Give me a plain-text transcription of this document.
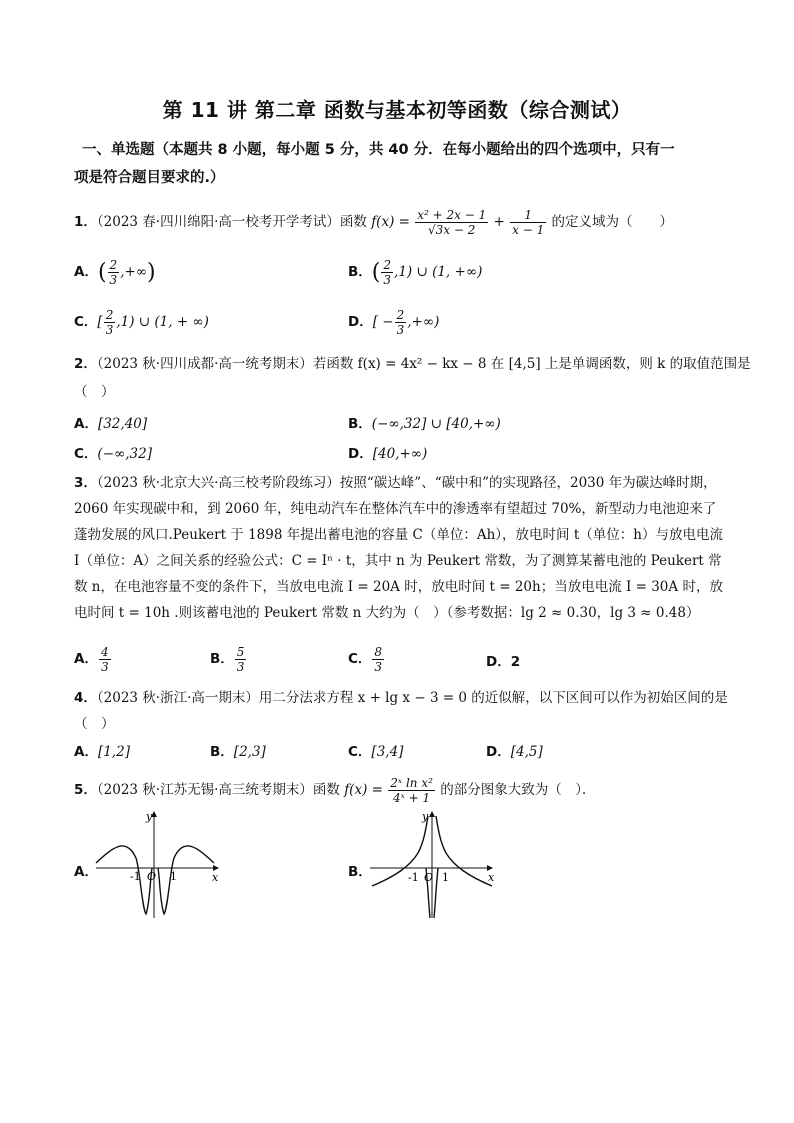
第 11 讲 第二章 函数与基本初等函数（综合测试）
一、单选题（本题共 8 小题，每小题 5 分，共 40 分．在每小题给出的四个选项中，只有一
项是符合题目要求的.）
1．（2023 春·四川绵阳·高一校考开学考试）函数 $f(x) = \frac{\text{x² + 2x − 1}}{√3x - 2} + \frac{1}{x - 1}$ 的定义域为（　　）
A．( $\frac{2}{3}$ ,+∞)	B．( $\frac{2}{3} ,1$) ∪ (1, +∞)
C．[ $\frac{2}{3} ,1$) ∪ (1, + ∞)	D．[ − $\frac{2}{3}$ ,+∞)
2．（2023 秋·四川成都·高一统考期末）若函数 f(x) = 4x² − kx − 8 在 [4,5] 上是单调函数，则 k 的取值范围是
（　）
A．[32,40]	B．(−∞,32] ∪ [40,+∞)
C．(−∞,32]	D．[40,+∞)
3．（2023 秋·北京大兴·高三校考阶段练习）按照“碳达峰”、“碳中和”的实现路径，2030 年为碳达峰时期，2060 年实现碳中和，到 2060 年，纯电动汽车在整体汽车中的渗透率有望超过 70%，新型动力电池迎来了蓬勃发展的风口.Peukert 于 1898 年提出蓄电池的容量 C（单位：Ah），放电时间 t（单位：h）与放电电流 I（单位：A）之间关系的经验公式：C = Iⁿ · t，其中 n 为 Peukert 常数，为了测算某蓄电池的 Peukert 常数 n，在电池容量不变的条件下，当放电电流 I = 20A 时，放电时间 t = 20h；当放电电流 I = 30A 时，放电时间 t = 10h .则该蓄电池的 Peukert 常数 n 大约为（　）（参考数据：lg 2 ≈ 0.30，lg 3 ≈ 0.48）
A． $\frac{4}{3}$	B． $\frac{5}{3}$	C． $\frac{8}{3}$	D．2
4．（2023 秋·浙江·高一期末）用二分法求方程 x + lg x − 3 = 0 的近似解，以下区间可以作为初始区间的是
（　）
A．[1,2]	B．[2,3]	C．[3,4]	D．[4,5]
5．（2023 秋·江苏无锡·高三统考期末）函数 $f(x) = \frac{\text{2ˣ ln x²}}{\text{4ˣ + 1}}$ 的部分图象大致为（　）．
A．
y
x
O
-1	1	B．
y
x
O
-1 1
